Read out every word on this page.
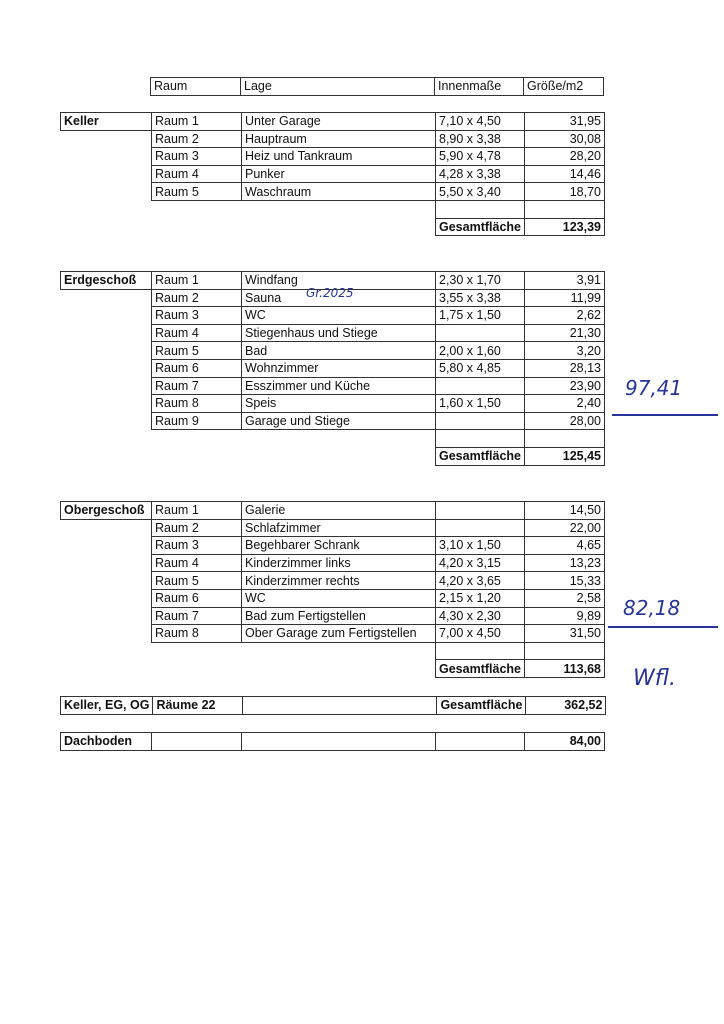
	Raum	Lage	Innenmaße	Größe/m2
Keller	Raum 1	Unter Garage	7,10 x 4,50	31,95
	Raum 2	Hauptraum	8,90 x 3,38	30,08
	Raum 3	Heiz und Tankraum	5,90 x 4,78	28,20
	Raum 4	Punker	4,28 x 3,38	14,46
	Raum 5	Waschraum	5,50 x 3,40	18,70

			Gesamtfläche	123,39
Erdgeschoß	Raum 1	Windfang	2,30 x 1,70	3,91
	Raum 2	Sauna	3,55 x 3,38	11,99
	Raum 3	WC	1,75 x 1,50	2,62
	Raum 4	Stiegenhaus und Stiege		21,30
	Raum 5	Bad	2,00 x 1,60	3,20
	Raum 6	Wohnzimmer	5,80 x 4,85	28,13
	Raum 7	Esszimmer und Küche		23,90
	Raum 8	Speis	1,60 x 1,50	2,40
	Raum 9	Garage und Stiege		28,00

			Gesamtfläche	125,45
Obergeschoß	Raum 1	Galerie		14,50
	Raum 2	Schlafzimmer		22,00
	Raum 3	Begehbarer Schrank	3,10 x 1,50	4,65
	Raum 4	Kinderzimmer links	4,20 x 3,15	13,23
	Raum 5	Kinderzimmer rechts	4,20 x 3,65	15,33
	Raum 6	WC	2,15 x 1,20	2,58
	Raum 7	Bad zum Fertigstellen	4,30 x 2,30	9,89
	Raum 8	Ober Garage zum Fertigstellen	7,00 x 4,50	31,50

			Gesamtfläche	113,68
Keller, EG, OG	Räume 22		Gesamtfläche	362,52
Dachboden				84,00
Gr.2025
97,41
82,18
Wfl.
